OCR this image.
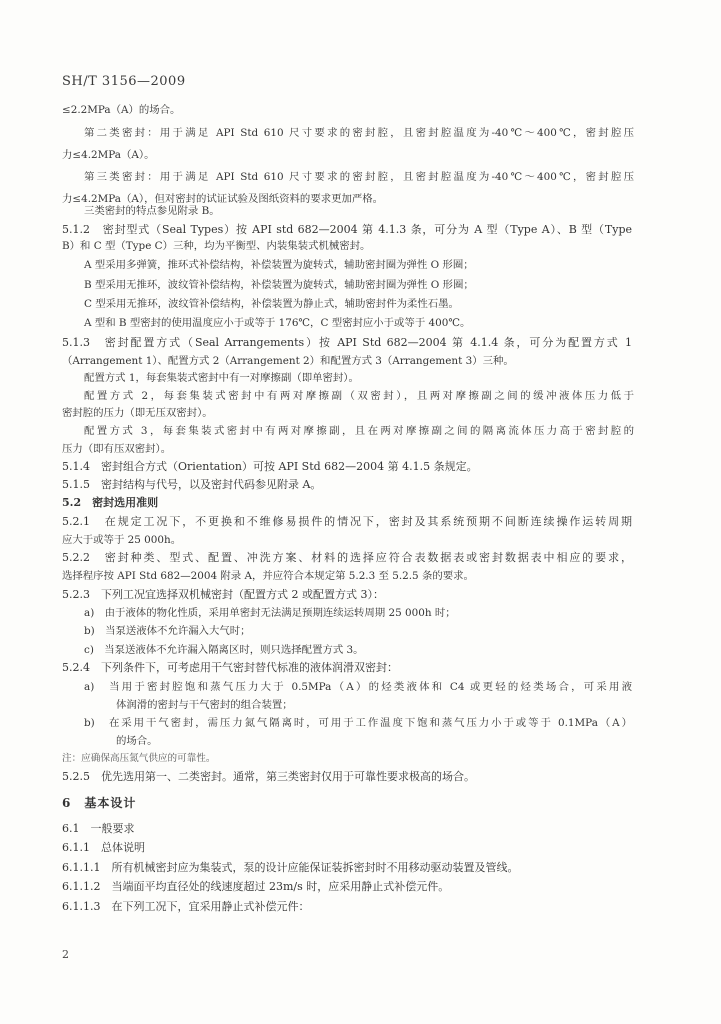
SH/T 3156—2009
≤2.2MPa（A）的场合。
第二类密封：用于满足 API Std 610 尺寸要求的密封腔，且密封腔温度为-40℃～400℃，密封腔压
力≤4.2MPa（A）。
第三类密封：用于满足 API Std 610 尺寸要求的密封腔，且密封腔温度为-40℃～400℃，密封腔压
力≤4.2MPa（A），但对密封的试证试验及图纸资料的要求更加严格。
三类密封的特点参见附录 B。
5.1.2　密封型式（Seal Types）按 API std 682—2004 第 4.1.3 条，可分为 A 型（Type A）、B 型（Type
B）和 C 型（Type C）三种，均为平衡型、内装集装式机械密封。
A 型采用多弹簧，推环式补偿结构，补偿装置为旋转式，辅助密封圈为弹性 O 形圈；
B 型采用无推环，波纹管补偿结构，补偿装置为旋转式，辅助密封圈为弹性 O 形圈；
C 型采用无推环，波纹管补偿结构，补偿装置为静止式，辅助密封件为柔性石墨。
A 型和 B 型密封的使用温度应小于或等于 176℃，C 型密封应小于或等于 400℃。
5.1.3　密封配置方式（Seal Arrangements）按 API Std 682—2004 第 4.1.4 条，可分为配置方式 1
（Arrangement 1）、配置方式 2（Arrangement 2）和配置方式 3（Arrangement 3）三种。
配置方式 1，每套集装式密封中有一对摩擦副（即单密封）。
配置方式 2，每套集装式密封中有两对摩擦副（双密封），且两对摩擦副之间的缓冲液体压力低于
密封腔的压力（即无压双密封）。
配置方式 3，每套集装式密封中有两对摩擦副，且在两对摩擦副之间的隔离流体压力高于密封腔的
压力（即有压双密封）。
5.1.4　密封组合方式（Orientation）可按 API Std 682—2004 第 4.1.5 条规定。
5.1.5　密封结构与代号，以及密封代码参见附录 A。
5.2　密封选用准则
5.2.1　在规定工况下，不更换和不维修易损件的情况下，密封及其系统预期不间断连续操作运转周期
应大于或等于 25 000h。
5.2.2　密封种类、型式、配置、冲洗方案、材料的选择应符合表数据表或密封数据表中相应的要求，
选择程序按 API Std 682—2004 附录 A，并应符合本规定第 5.2.3 至 5.2.5 条的要求。
5.2.3　下列工况宜选择双机械密封（配置方式 2 或配置方式 3）：
a)　由于液体的物化性质，采用单密封无法满足预期连续运转周期 25 000h 时；
b)　当泵送液体不允许漏入大气时；
c)　当泵送液体不允许漏入隔离区时，则只选择配置方式 3。
5.2.4　下列条件下，可考虑用干气密封替代标准的液体润滑双密封：
a)　当用于密封腔饱和蒸气压力大于 0.5MPa（A）的烃类液体和 C4 或更轻的烃类场合，可采用液
体润滑的密封与干气密封的组合装置；
b)　在采用干气密封，需压力氮气隔离时，可用于工作温度下饱和蒸气压力小于或等于 0.1MPa（A）
的场合。
注：应确保高压氮气供应的可靠性。
5.2.5　优先选用第一、二类密封。通常，第三类密封仅用于可靠性要求极高的场合。
6　基本设计
6.1　一般要求
6.1.1　总体说明
6.1.1.1　所有机械密封应为集装式，泵的设计应能保证装拆密封时不用移动驱动装置及管线。
6.1.1.2　当端面平均直径处的线速度超过 23m/s 时，应采用静止式补偿元件。
6.1.1.3　在下列工况下，宜采用静止式补偿元件：
2
